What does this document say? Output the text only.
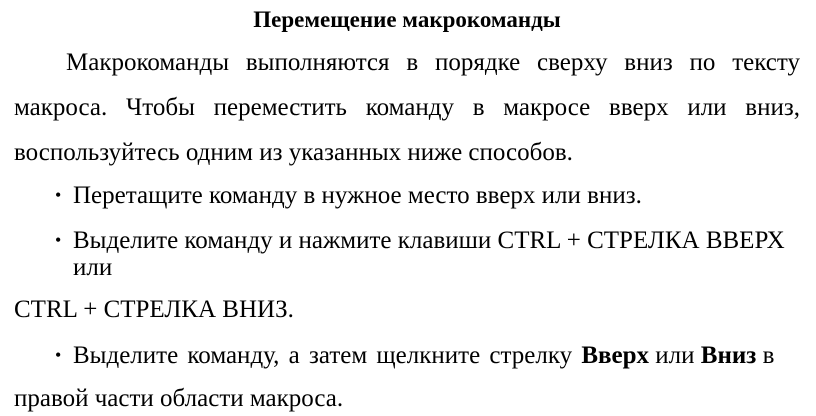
Перемещение макрокоманды
Макрокоманды выполняются в порядке сверху вниз по тексту
макроса. Чтобы переместить команду в макросе вверх или вниз,
воспользуйтесь одним из указанных ниже способов.
• Перетащите команду в нужное место вверх или вниз.
• Выделите команду и нажмите клавиши CTRL + СТРЕЛКА ВВЕРХ
или
CTRL + СТРЕЛКА ВНИЗ.
• Выделите команду, а затем щелкните стрелку Вверх или Вниз в
правой части области макроса.
